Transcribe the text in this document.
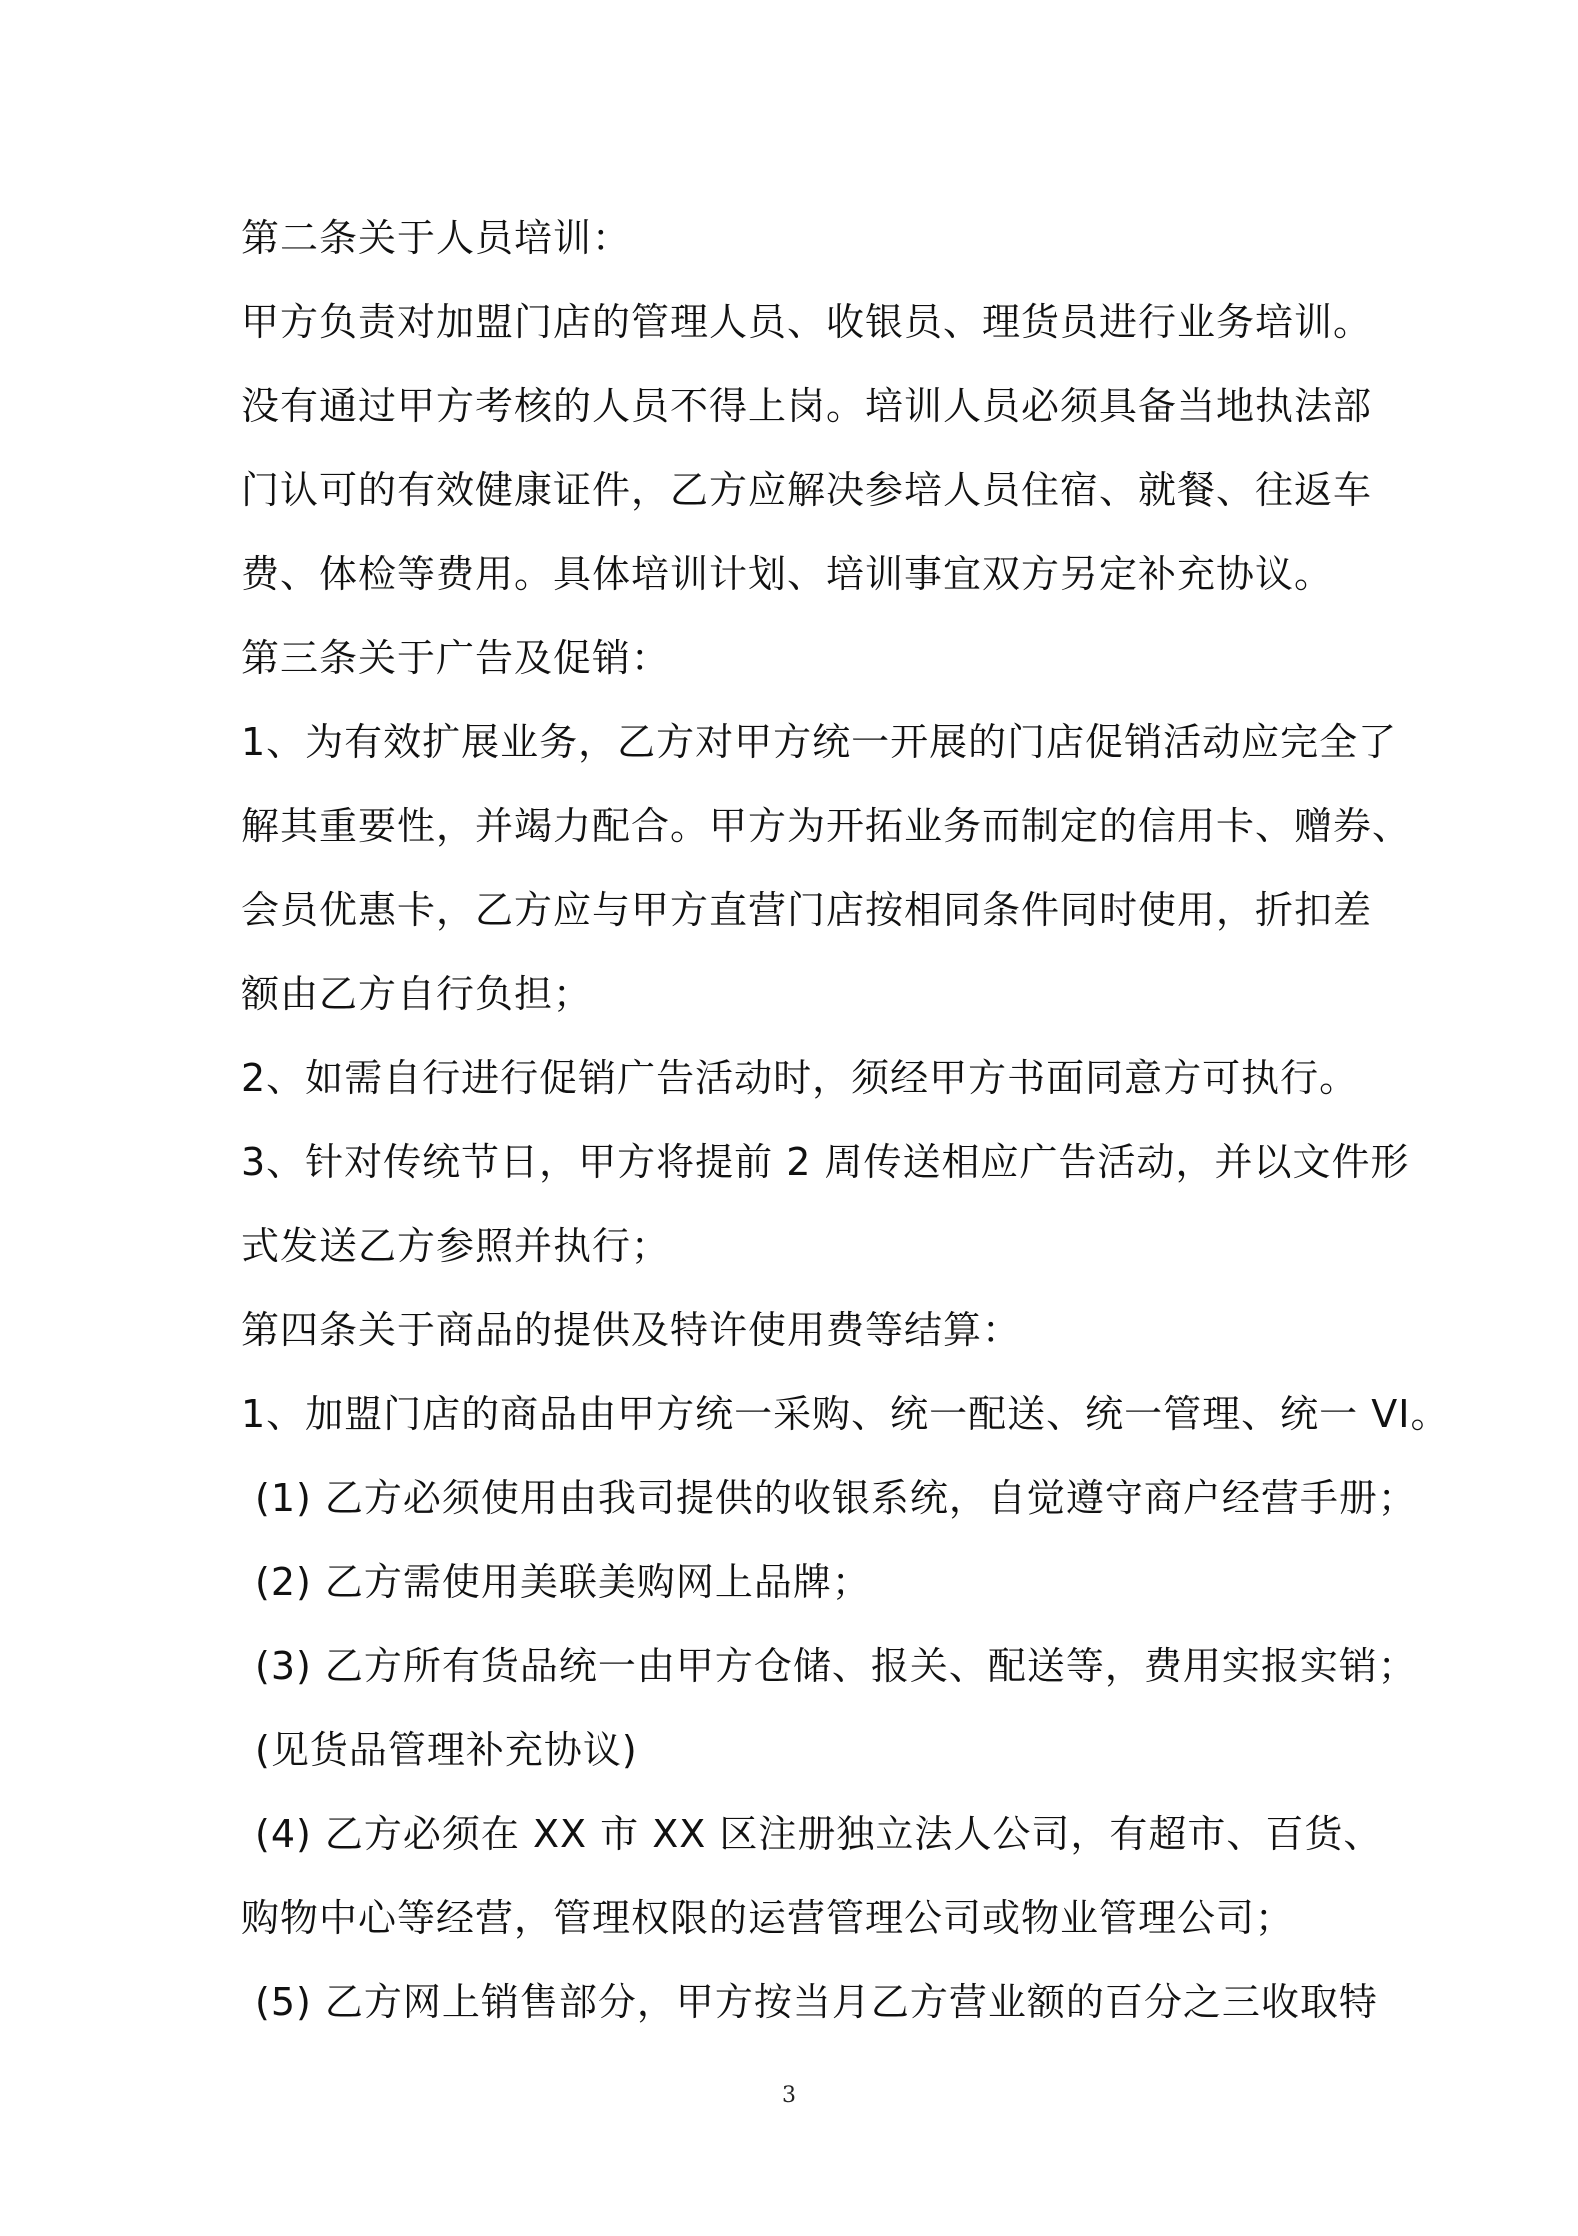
第二条关于人员培训：
甲方负责对加盟门店的管理人员、收银员、理货员进行业务培训。
没有通过甲方考核的人员不得上岗。培训人员必须具备当地执法部
门认可的有效健康证件，乙方应解决参培人员住宿、就餐、往返车
费、体检等费用。具体培训计划、培训事宜双方另定补充协议。
第三条关于广告及促销：
1、为有效扩展业务，乙方对甲方统一开展的门店促销活动应完全了
解其重要性，并竭力配合。甲方为开拓业务而制定的信用卡、赠券、
会员优惠卡，乙方应与甲方直营门店按相同条件同时使用，折扣差
额由乙方自行负担；
2、如需自行进行促销广告活动时，须经甲方书面同意方可执行。
3、针对传统节日，甲方将提前 2 周传送相应广告活动，并以文件形
式发送乙方参照并执行；
第四条关于商品的提供及特许使用费等结算：
1、加盟门店的商品由甲方统一采购、统一配送、统一管理、统一 VI。
(1) 乙方必须使用由我司提供的收银系统，自觉遵守商户经营手册；
(2) 乙方需使用美联美购网上品牌；
(3) 乙方所有货品统一由甲方仓储、报关、配送等，费用实报实销；
(见货品管理补充协议)
(4) 乙方必须在 XX 市 XX 区注册独立法人公司，有超市、百货、
购物中心等经营，管理权限的运营管理公司或物业管理公司；
(5) 乙方网上销售部分，甲方按当月乙方营业额的百分之三收取特
3
